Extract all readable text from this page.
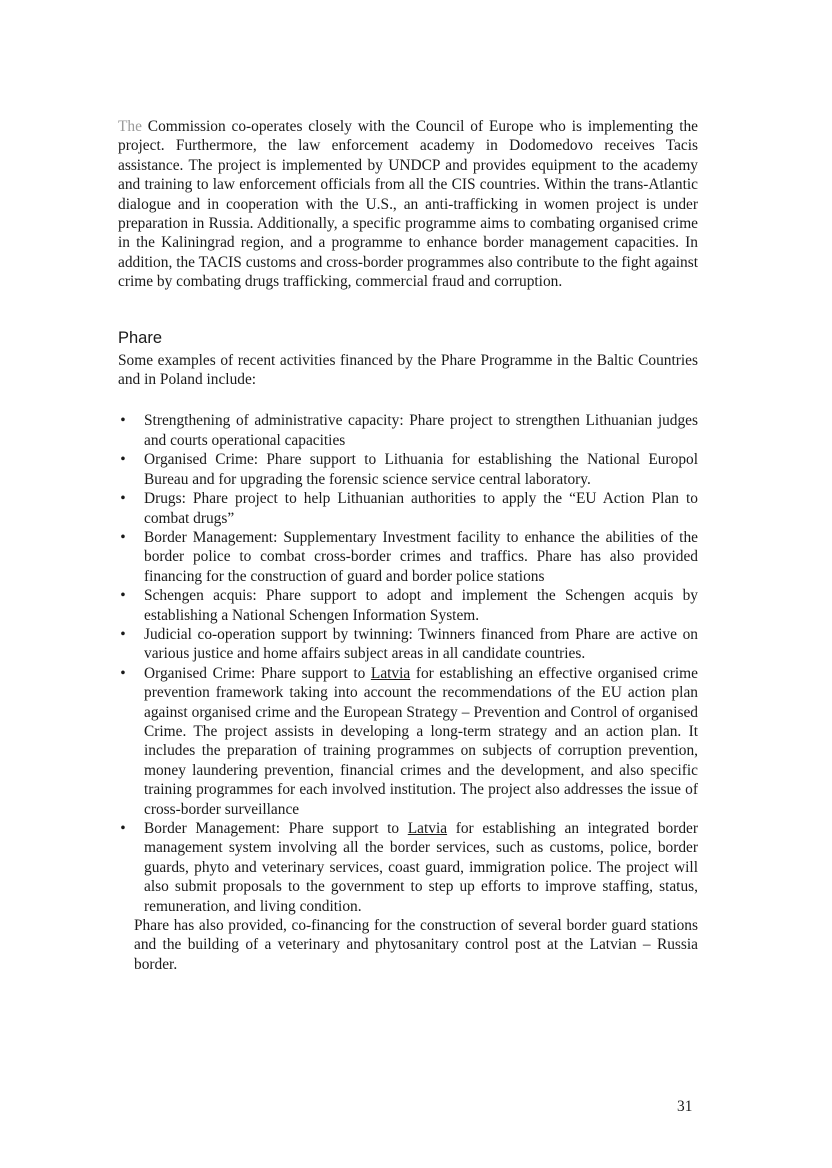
The Commission co-operates closely with the Council of Europe who is implementing the project. Furthermore, the law enforcement academy in Dodomedovo receives Tacis assistance. The project is implemented by UNDCP and provides equipment to the academy and training to law enforcement officials from all the CIS countries. Within the trans-Atlantic dialogue and in cooperation with the U.S., an anti-trafficking in women project is under preparation in Russia. Additionally, a specific programme aims to combating organised crime in the Kaliningrad region, and a programme to enhance border management capacities. In addition, the TACIS customs and cross-border programmes also contribute to the fight against crime by combating drugs trafficking, commercial fraud and corruption.

Phare

Some examples of recent activities financed by the Phare Programme in the Baltic Countries and in Poland include:

• Strengthening of administrative capacity: Phare project to strengthen Lithuanian judges and courts operational capacities
• Organised Crime: Phare support to Lithuania for establishing the National Europol Bureau and for upgrading the forensic science service central laboratory.
• Drugs: Phare project to help Lithuanian authorities to apply the “EU Action Plan to combat drugs”
• Border Management: Supplementary Investment facility to enhance the abilities of the border police to combat cross-border crimes and traffics. Phare has also provided financing for the construction of guard and border police stations
• Schengen acquis: Phare support to adopt and implement the Schengen acquis by establishing a National Schengen Information System.
• Judicial co-operation support by twinning: Twinners financed from Phare are active on various justice and home affairs subject areas in all candidate countries.
• Organised Crime: Phare support to Latvia for establishing an effective organised crime prevention framework taking into account the recommendations of the EU action plan against organised crime and the European Strategy – Prevention and Control of organised Crime. The project assists in developing a long-term strategy and an action plan. It includes the preparation of training programmes on subjects of corruption prevention, money laundering prevention, financial crimes and the development, and also specific training programmes for each involved institution. The project also addresses the issue of cross-border surveillance
• Border Management: Phare support to Latvia for establishing an integrated border management system involving all the border services, such as customs, police, border guards, phyto and veterinary services, coast guard, immigration police. The project will also submit proposals to the government to step up efforts to improve staffing, status, remuneration, and living condition.

Phare has also provided, co-financing for the construction of several border guard stations and the building of a veterinary and phytosanitary control post at the Latvian – Russia border.

31
